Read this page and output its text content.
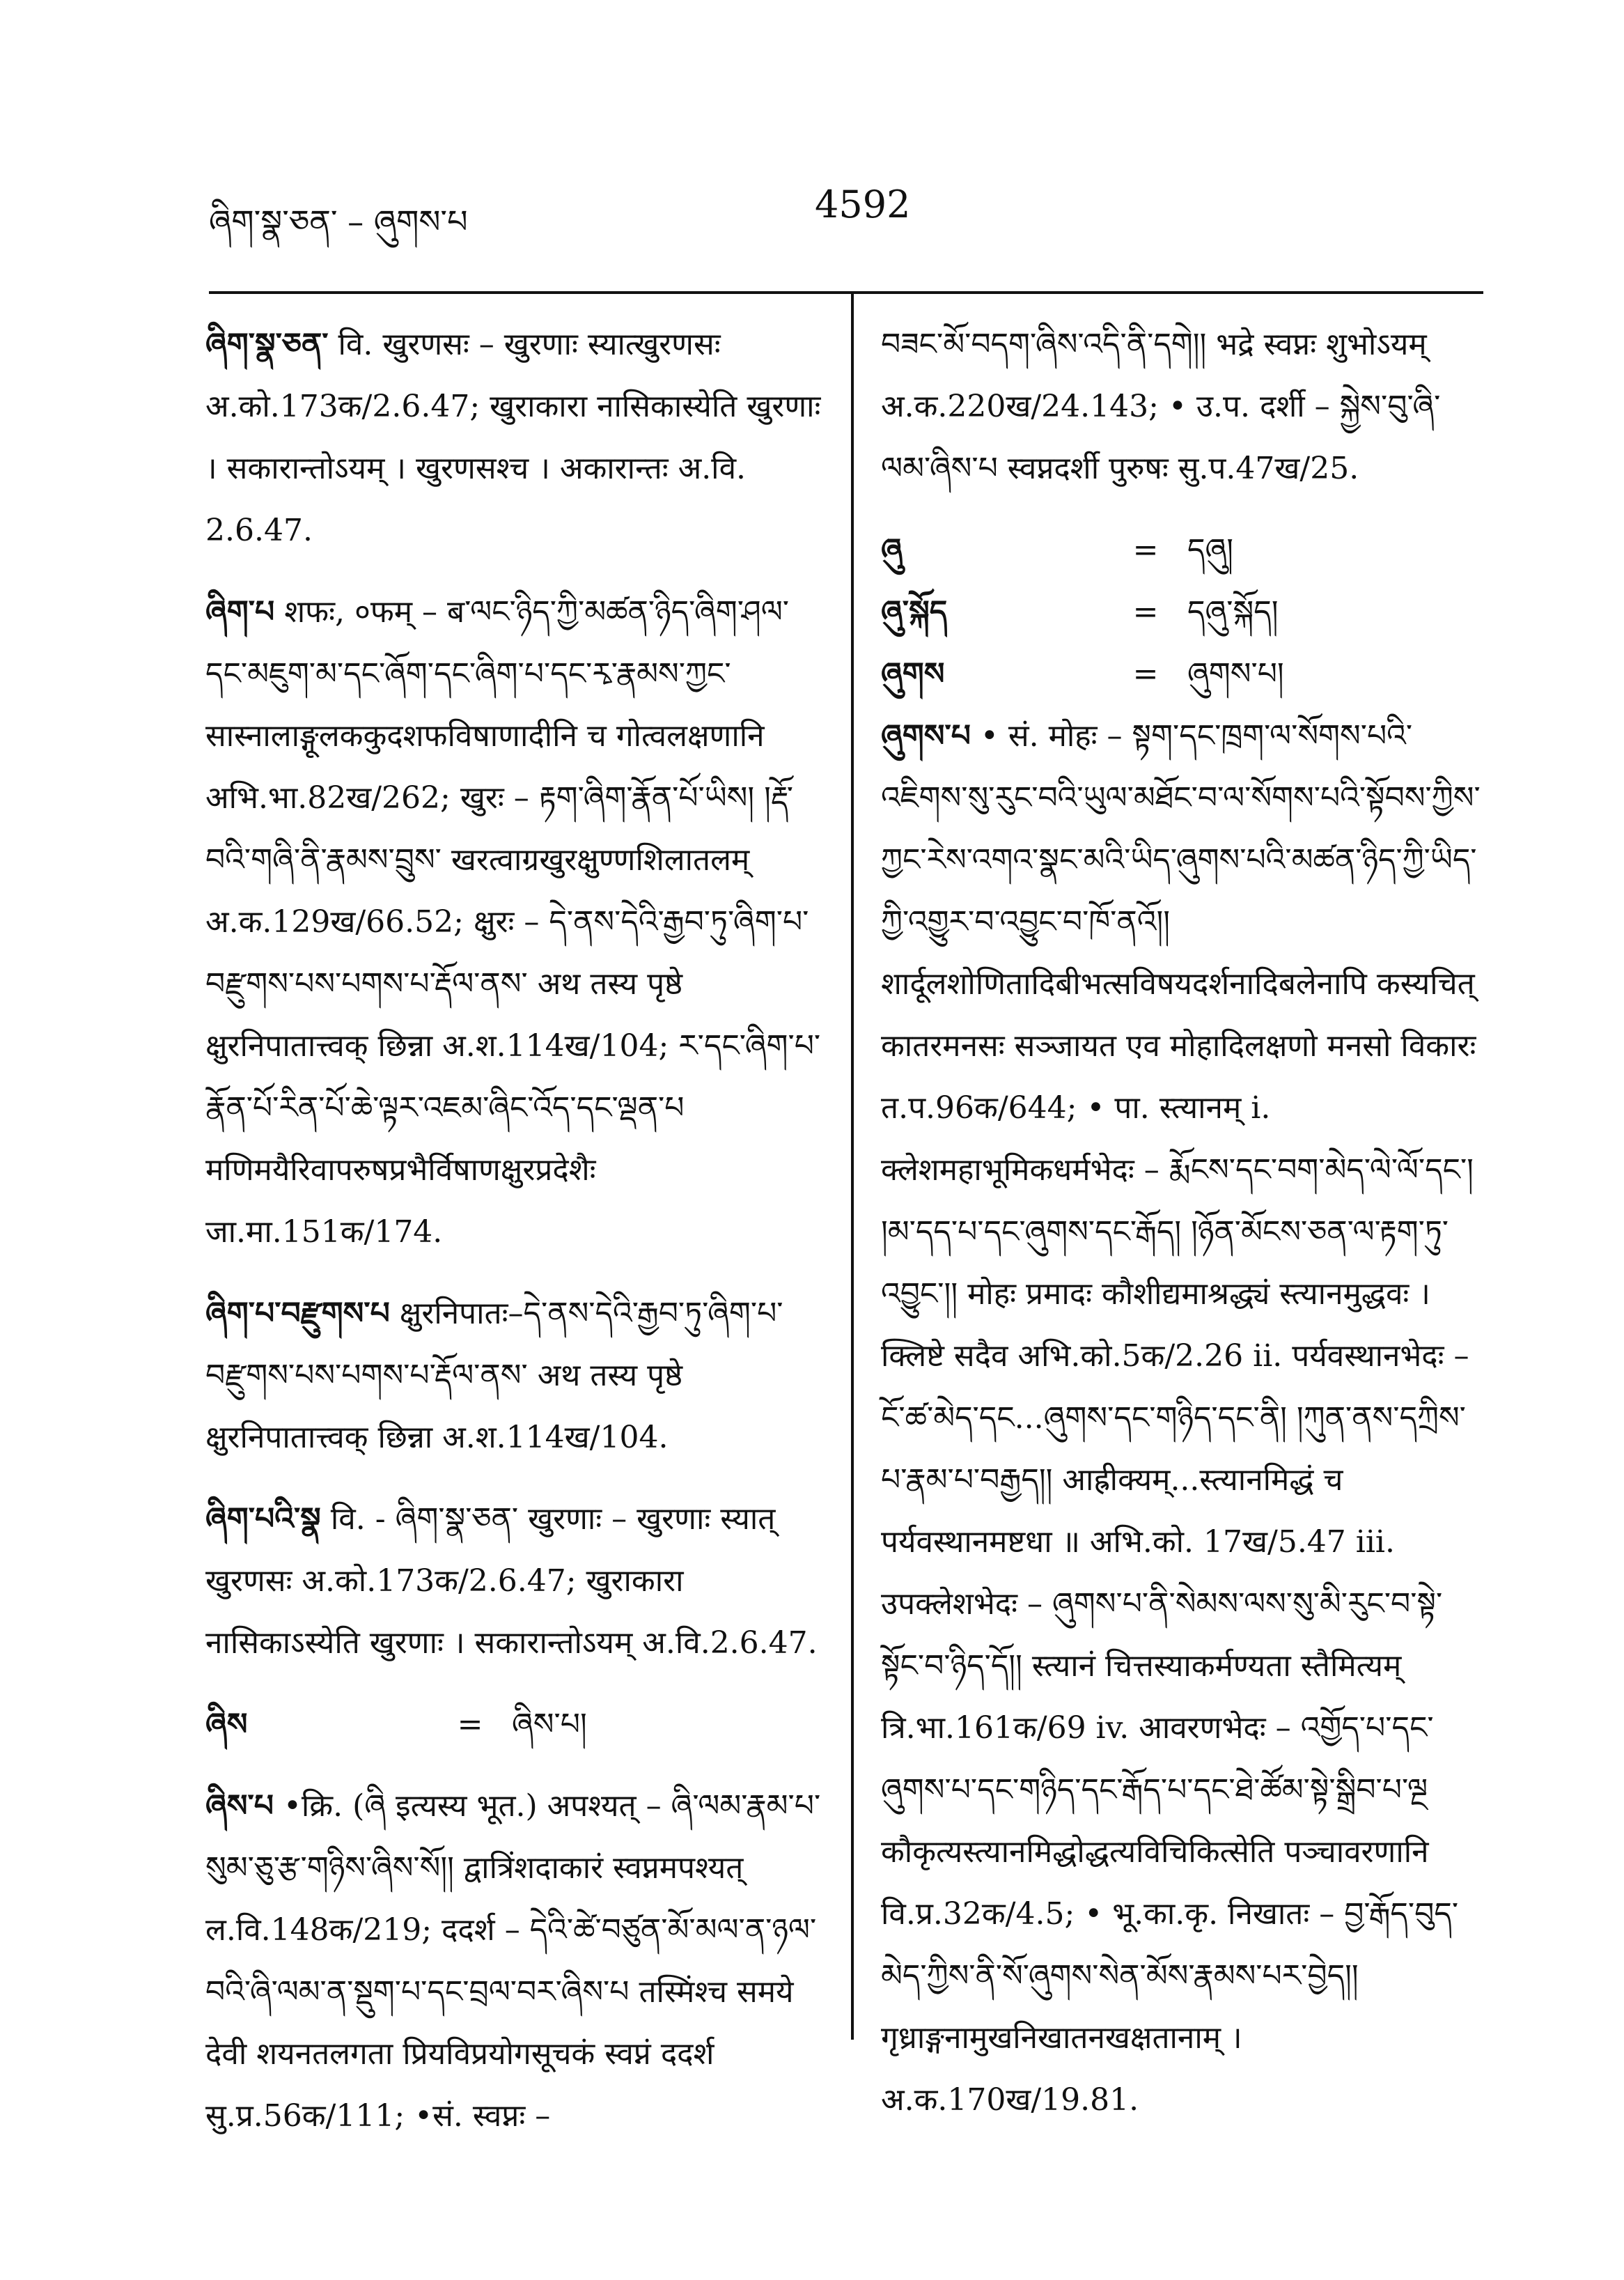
ཞིག་སྣ་ཅན་ – ཞུགས་པ	4592
ཞིག་སྣ་ཅན་ वि. खुरणसः – खुरणाः स्यात्खुरणसः अ.को.173क/2.6.47; खुराकारा नासिकास्येति खुरणाः । सकारान्तोऽयम् । खुरणसश्च । अकारान्तः अ.वि. 2.6.47.
ཞིག་པ शफः, ०फम् – ब་ལང་ཉིད་ཀྱི་མཚན་ཉིད་ཞིག་ཤལ་དང་མཇུག་མ་དང་ཞོག་དང་ཞིག་པ་དང་རྭ་རྣམས་ཀྱང་ सास्नालाङ्गूलककुदशफविषाणादीनि च गोत्वलक्षणानि अभि.भा.82ख/262; खुरः – རྟག་ཞིག་རྣོན་པོ་ཡིས། །རྡོ་བའི་གཞི་ནི་རྣམས་བྲུས་ खरत्वाग्रखुरक्षुण्णशिलातलम् अ.क.129ख/66.52; क्षुरः – དེ་ནས་དེའི་རྒྱབ་ཏུ་ཞིག་པ་བརྫུགས་པས་པགས་པ་རྡོལ་ནས་ अथ तस्य पृष्ठे क्षुरनिपातात्त्वक् छिन्ना अ.श.114ख/104; ར་དང་ཞིག་པ་རྣོན་པོ་རིན་པོ་ཆེ་ལྟར་འཇམ་ཞིང་འོད་དང་ལྡན་པ मणिमयैरिवापरुषप्रभैर्विषाणक्षुरप्रदेशैः जा.मा.151क/174.
ཞིག་པ་བརྫུགས་པ क्षुरनिपातः–དེ་ནས་དེའི་རྒྱབ་ཏུ་ཞིག་པ་བརྫུགས་པས་པགས་པ་རྡོལ་ནས་ अथ तस्य पृष्ठे क्षुरनिपातात्त्वक् छिन्ना अ.श.114ख/104.
ཞིག་པའི་སྣ वि. - ཞིག་སྣ་ཅན་ खुरणाः – खुरणाः स्यात् खुरणसः अ.को.173क/2.6.47; खुराकारा नासिकाऽस्येति खुरणाः । सकारान्तोऽयम् अ.वि.2.6.47.
ཞིས	= ཞིས་པ།
ཞིས་པ •क्रि. (ཞི इत्यस्य भूत.) अपश्यत् – ཞི་ལམ་རྣམ་པ་སུམ་ཅུ་རྩ་གཉིས་ཞིས་སོ།། द्वात्रिंशदाकारं स्वप्नमपश्यत् ल.वि.148क/219; ददर्श – དེའི་ཚེ་བཙུན་མོ་མལ་ན་ཉལ་བའི་ཞི་ལམ་ན་སྡུག་པ་དང་བྲལ་བར་ཞིས་པ तस्मिंश्च समये देवी शयनतलगता प्रियविप्रयोगसूचकं स्वप्नं ददर्श सु.प्र.56क/111; •सं. स्वप्नः –
བཟང་མོ་བདག་ཞིས་འདི་ནི་དགེ།། भद्रे स्वप्नः शुभोऽयम् अ.क.220ख/24.143; • उ.प. दर्शी – སྐྱེས་བུ་ཞི་ལམ་ཞིས་པ स्वप्नदर्शी पुरुषः सु.प.47ख/25.
ཞུ	= དཞུ།
ཞུ་སྐོད	= དཞུ་སྐོད།
ཞུགས	= ཞུགས་པ།
ཞུགས་པ • सं. मोहः – སྟག་དང་ཁྲག་ལ་སོགས་པའི་འཇིགས་སུ་རུང་བའི་ཡུལ་མཐོང་བ་ལ་སོགས་པའི་སྟོབས་ཀྱིས་ཀྱང་རེས་འགའ་སྣང་མའི་ཡིད་ཞུགས་པའི་མཚན་ཉིད་ཀྱི་ཡིད་ཀྱི་འགྱུར་བ་འབྱུང་བ་ཁོ་ནའོ།། शार्दूलशोणितादिबीभत्सविषयदर्शनादिबलेनापि कस्यचित् कातरमनसः सञ्जायत एव मोहादिलक्षणो मनसो विकारः त.प.96क/644; • पा. स्त्यानम् i. क्लेशमहाभूमिकधर्मभेदः – རྨོངས་དང་བག་མེད་ལེ་ལོ་དང་། །མ་དད་པ་དང་ཞུགས་དང་རྒོད། །ཉོན་མོངས་ཅན་ལ་རྟག་ཏུ་འབྱུང་།། मोहः प्रमादः कौशीद्यमाश्रद्ध्यं स्त्यानमुद्धवः । क्लिष्टे सदैव अभि.को.5क/2.26 ii. पर्यवस्थानभेदः – ངོ་ཚ་མེད་དང...ཞུགས་དང་གཉིད་དང་ནི། །ཀུན་ནས་དཀྲིས་པ་རྣམ་པ་བརྒྱད།། आह्रीक्यम्...स्त्यानमिद्धं च पर्यवस्थानमष्टधा ॥ अभि.को. 17ख/5.47 iii. उपक्लेशभेदः – ཞུགས་པ་ནི་སེམས་ལས་སུ་མི་རུང་བ་སྟེ་སྟོང་བ་ཉིད་དོ།། स्त्यानं चित्तस्याकर्मण्यता स्तैमित्यम् त्रि.भा.161क/69 iv. आवरणभेदः – འགྱོད་པ་དང་ཞུགས་པ་དང་གཉིད་དང་རྒོད་པ་དང་ཐེ་ཚོམ་སྟེ་སྒྲིབ་པ་ལྔ कौकृत्यस्त्यानमिद्धोद्धत्यविचिकित्सेति पञ्चावरणानि वि.प्र.32क/4.5; • भू.का.कृ. निखातः – བྱ་རྒོད་བུད་མེད་ཀྱིས་ནི་སོ་ཞུགས་སེན་མོས་རྣམས་པར་བྱེད།། गृध्राङ्गनामुखनिखातनखक्षतानाम् । अ.क.170ख/19.81.
